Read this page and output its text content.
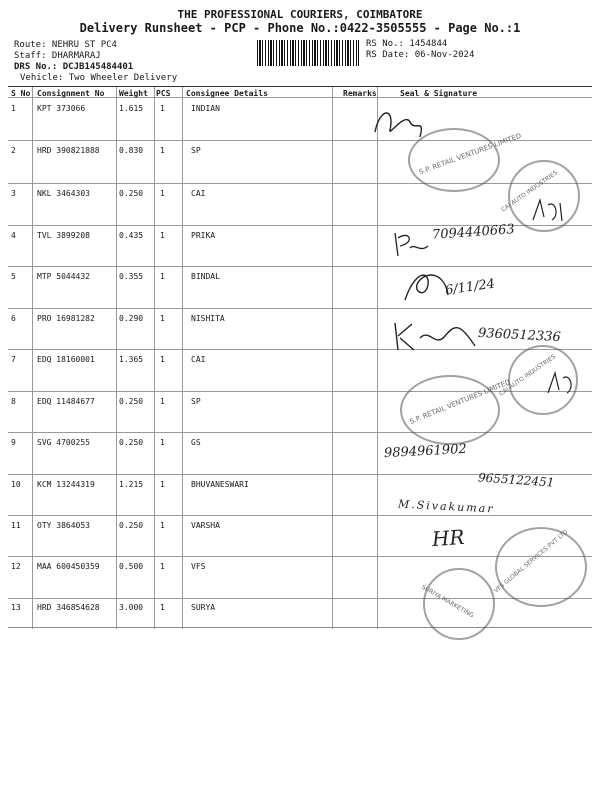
THE PROFESSIONAL COURIERS, COIMBATORE
Delivery Runsheet - PCP - Phone No.:0422-3505555 - Page No.:1
Route: NEHRU ST PC4
Staff: DHARMARAJ
DRS No.: DCJB145484401
Vehicle: Two Wheeler Delivery
RS No.: 1454844
RS Date: 06-Nov-2024
S No Consignment No Weight PCS Consignee Details	Remarks	Seal & Signature
1	KPT 373066	1.615 1	INDIAN
2	HRD 390821888 0.830 1	SP
3	NKL 3464303	0.250 1	CAI
4	TVL 3899208	0.435 1	PRIKA
5	MTP 5044432	0.355 1	BINDAL
6	PRO 16981282	0.290 1	NISHITA
7	EDQ 18160001	1.365 1	CAI
8	EDQ 11484677	0.250 1	SP
9	SVG 4700255	0.250 1	GS
10 KCM 13244319	1.215 1	BHUVANESWARI
11 OTY 3864053	0.250 1	VARSHA
12 MAA 600450359 0.500 1	VFS
13 HRD 346854628 3.000 1	SURYA
S.P. RETAIL VENTURES LIMITED
CAI AUTO INDUSTRIES
S.P. RETAIL VENTURES LIMITED
CAI AUTO INDUSTRIES
VFS GLOBAL SERVICES PVT LTD
SURIYA MARKETING
7094440663
6/11/24
9360512336
9894961902
9655122451
M.Sivakumar
HR
